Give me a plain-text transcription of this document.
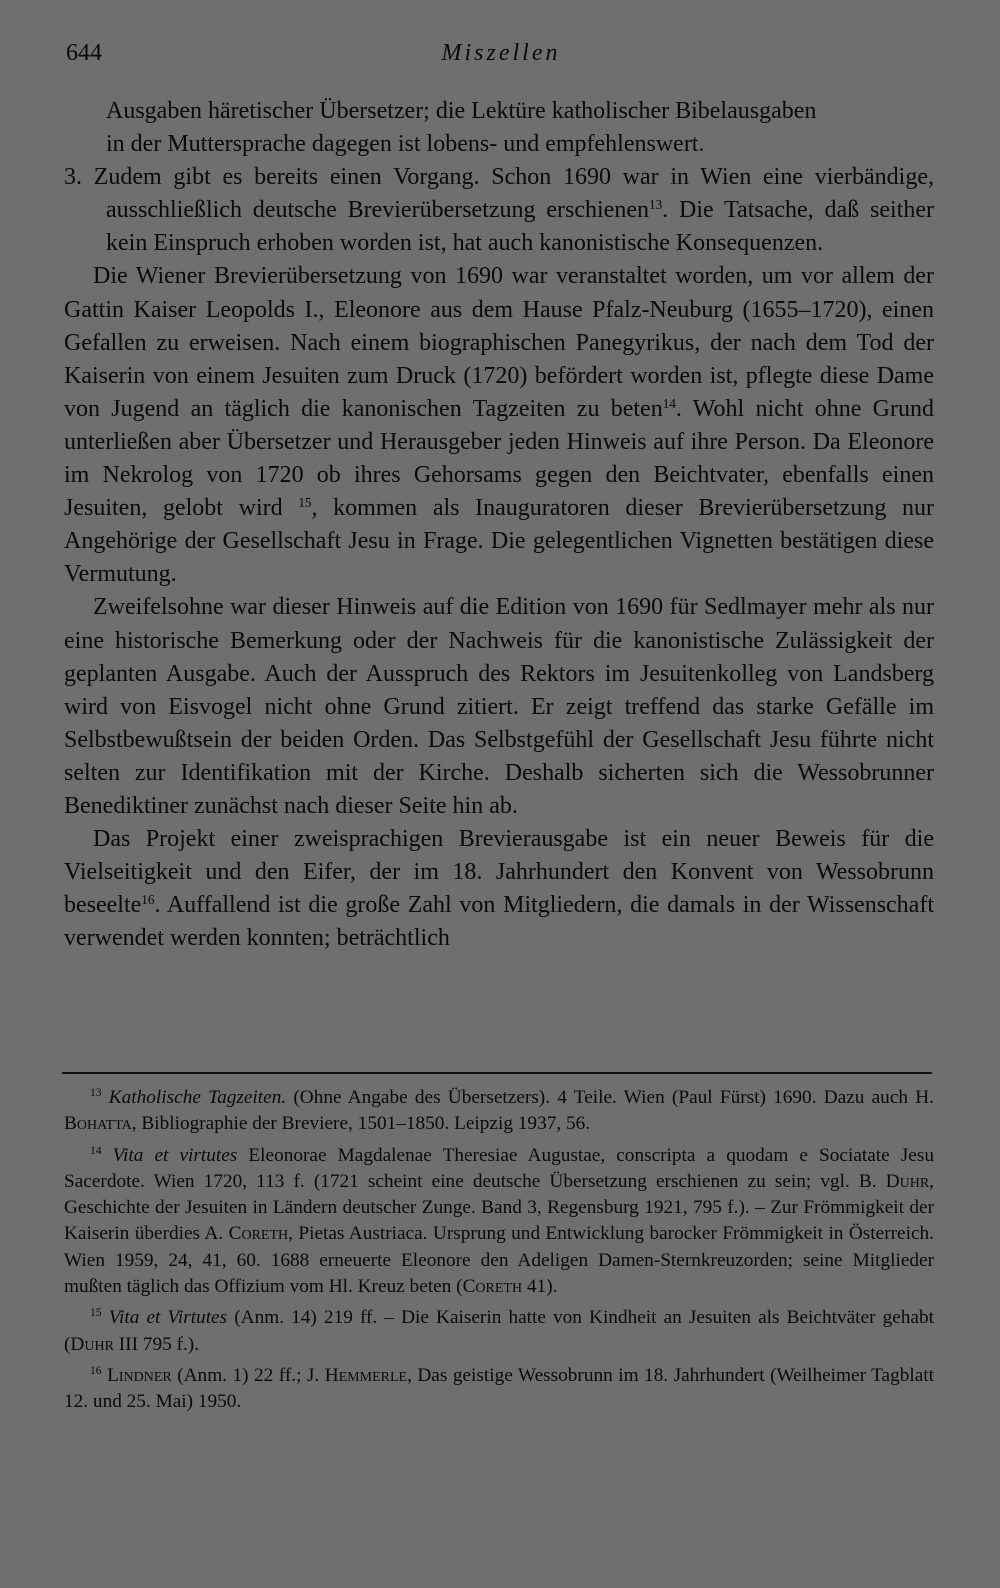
644	Miszellen

Ausgaben häretischer Übersetzer; die Lektüre katholischer Bibelausgaben
in der Muttersprache dagegen ist lobens- und empfehlenswert.

3. Zudem gibt es bereits einen Vorgang. Schon 1690 war in Wien eine vierbändige, ausschließlich deutsche Brevierübersetzung erschienen$^{13}$. Die Tatsache, daß seither kein Einspruch erhoben worden ist, hat auch kanonistische Konsequenzen.

Die Wiener Brevierübersetzung von 1690 war veranstaltet worden, um vor allem der Gattin Kaiser Leopolds I., Eleonore aus dem Hause Pfalz-Neuburg (1655–1720), einen Gefallen zu erweisen. Nach einem biographischen Panegyrikus, der nach dem Tod der Kaiserin von einem Jesuiten zum Druck (1720) befördert worden ist, pflegte diese Dame von Jugend an täglich die kanonischen Tagzeiten zu beten$^{14}$. Wohl nicht ohne Grund unterließen aber Übersetzer und Herausgeber jeden Hinweis auf ihre Person. Da Eleonore im Nekrolog von 1720 ob ihres Gehorsams gegen den Beichtvater, ebenfalls einen Jesuiten, gelobt wird $^{15}$, kommen als Inauguratoren dieser Brevierübersetzung nur Angehörige der Gesellschaft Jesu in Frage. Die gelegentlichen Vignetten bestätigen diese Vermutung.

Zweifelsohne war dieser Hinweis auf die Edition von 1690 für Sedlmayer mehr als nur eine historische Bemerkung oder der Nachweis für die kanonistische Zulässigkeit der geplanten Ausgabe. Auch der Ausspruch des Rektors im Jesuitenkolleg von Landsberg wird von Eisvogel nicht ohne Grund zitiert. Er zeigt treffend das starke Gefälle im Selbstbewußtsein der beiden Orden. Das Selbstgefühl der Gesellschaft Jesu führte nicht selten zur Identifikation mit der Kirche. Deshalb sicherten sich die Wessobrunner Benediktiner zunächst nach dieser Seite hin ab.

Das Projekt einer zweisprachigen Brevierausgabe ist ein neuer Beweis für die Vielseitigkeit und den Eifer, der im 18. Jahrhundert den Konvent von Wessobrunn beseelte$^{16}$. Auffallend ist die große Zahl von Mitgliedern, die damals in der Wissenschaft verwendet werden konnten; beträchtlich

$^{13}$ Katholische Tagzeiten. (Ohne Angabe des Übersetzers). 4 Teile. Wien (Paul Fürst) 1690. Dazu auch H. Bohatta, Bibliographie der Breviere, 1501–1850. Leipzig 1937, 56.

$^{14}$ Vita et virtutes Eleonorae Magdalenae Theresiae Augustae, conscripta a quodam e Sociatate Jesu Sacerdote. Wien 1720, 113 f. (1721 scheint eine deutsche Übersetzung erschienen zu sein; vgl. B. Duhr, Geschichte der Jesuiten in Ländern deutscher Zunge. Band 3, Regensburg 1921, 795 f.). – Zur Frömmigkeit der Kaiserin überdies A. Coreth, Pietas Austriaca. Ursprung und Entwicklung barocker Frömmigkeit in Österreich. Wien 1959, 24, 41, 60. 1688 erneuerte Eleonore den Adeligen Damen-Sternkreuzorden; seine Mitglieder mußten täglich das Offizium vom Hl. Kreuz beten (Coreth 41).

$^{15}$ Vita et Virtutes (Anm. 14) 219 ff. – Die Kaiserin hatte von Kindheit an Jesuiten als Beichtväter gehabt (Duhr III 795 f.).

$^{16}$ Lindner (Anm. 1) 22 ff.; J. Hemmerle, Das geistige Wessobrunn im 18. Jahrhundert (Weilheimer Tagblatt 12. und 25. Mai) 1950.
